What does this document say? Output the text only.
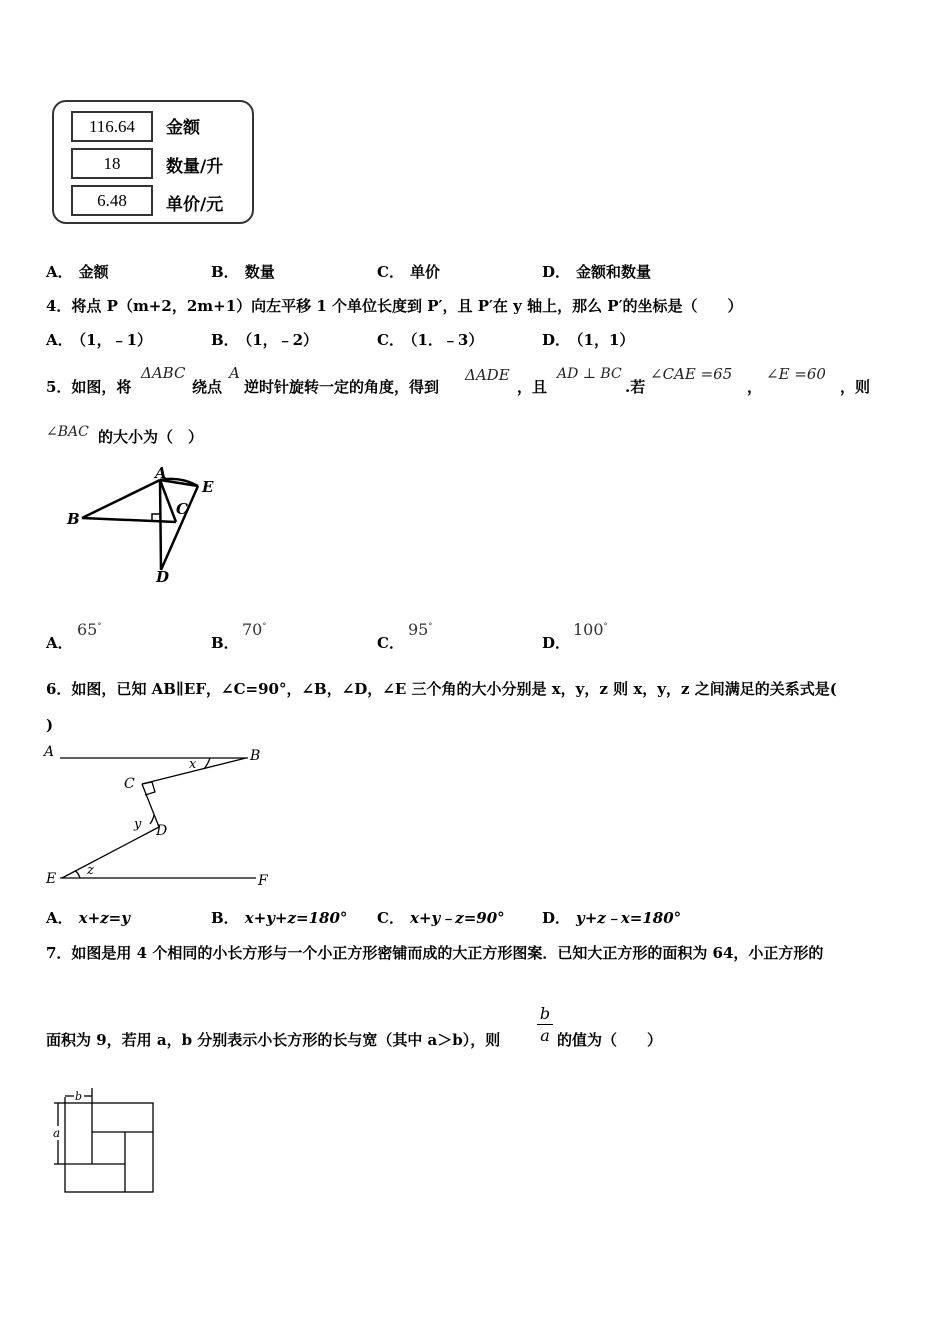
116.64	金额
18	数量/升
6.48	单价/元
A． 金额	B． 数量	C． 单价	D． 金额和数量
4．将点 P（m+2，2m+1）向左平移 1 个单位长度到 P′，且 P′在 y 轴上，那么 P′的坐标是（　　）
A． （1，﹣1）	B． （1，﹣2）	C． （1．﹣3）	D． （1，1）
5．如图，将
ΔABC
绕点
A
逆时针旋转一定的角度，得到
ΔADE
，且
AD ⊥ BC
.若
∠CAE =65
，
∠E =60
，则
∠BAC 的大小为（　）
A
B
C
D
E
A．
65°
B．
70°
C．
95°
D．
100°
6．如图，已知 AB∥EF，∠C=90°，∠B，∠D，∠E 三个角的大小分别是 x，y，z 则 x，y，z 之间满足的关系式是(
)
A	B
C
D
E	F
x
y
z
A． x+z=y	B． x+y+z=180° C． x+y﹣z=90° D． y+z﹣x=180°
7．如图是用 4 个相同的小长方形与一个小正方形密铺而成的大正方形图案．已知大正方形的面积为 64，小正方形的
面积为 9，若用 a，b 分别表示小长方形的长与宽（其中 a＞b），则
b
a 的值为（　　）
b
a
